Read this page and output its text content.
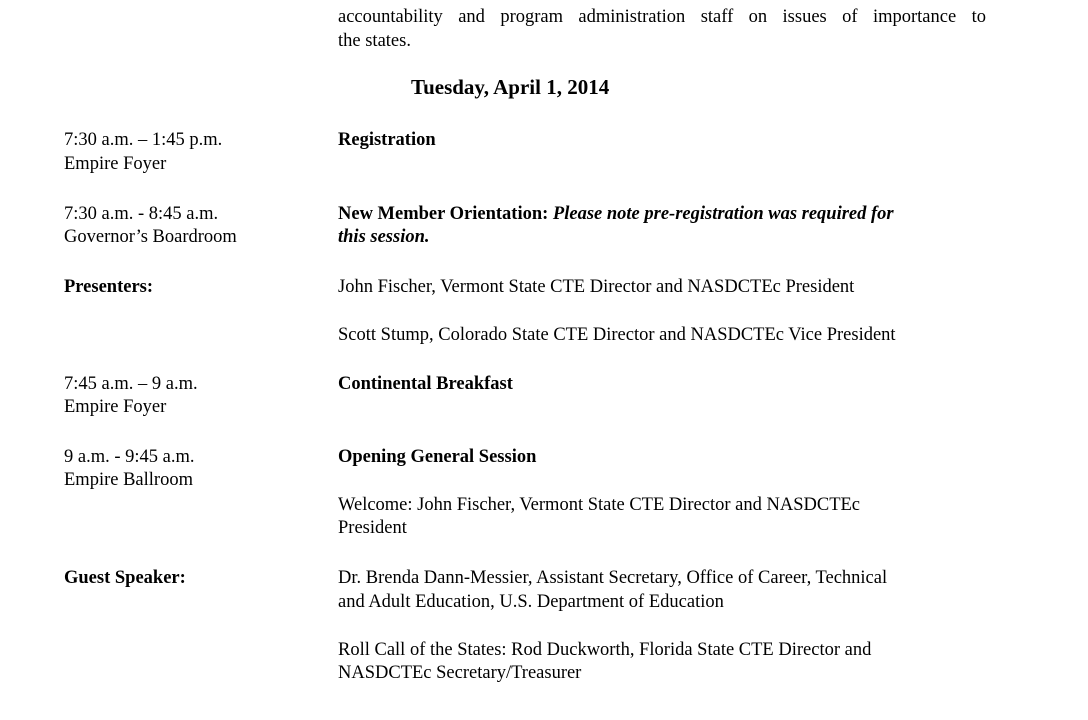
accountability and program administration staff on issues of importance to

the states.

Tuesday, April 1, 2014

7:30 a.m. – 1:45 p.m.

Empire Foyer

Registration

7:30 a.m. - 8:45 a.m.

Governor’s Boardroom

New Member Orientation: Please note pre-registration was required for

this session.

Presenters:	John Fischer, Vermont State CTE Director and NASDCTEc President

Scott Stump, Colorado State CTE Director and NASDCTEc Vice President

7:45 a.m. – 9 a.m.

Empire Foyer

Continental Breakfast

9 a.m. - 9:45 a.m.

Empire Ballroom

Opening General Session

Welcome: John Fischer, Vermont State CTE Director and NASDCTEc

President

Guest Speaker:	Dr. Brenda Dann-Messier, Assistant Secretary, Office of Career, Technical

and Adult Education, U.S. Department of Education

Roll Call of the States: Rod Duckworth, Florida State CTE Director and

NASDCTEc Secretary/Treasurer
